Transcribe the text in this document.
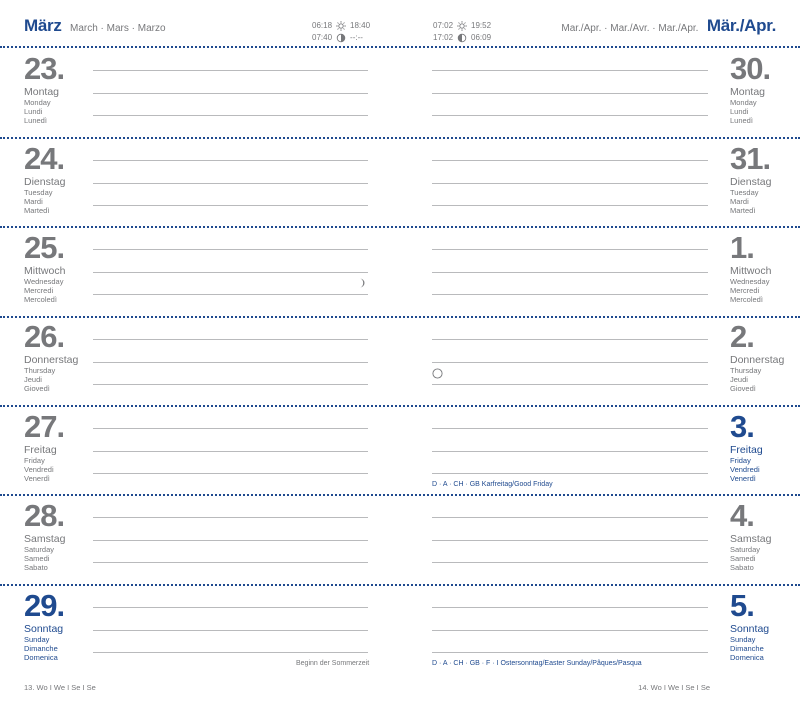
März March · Mars · Marzo	Mar./Apr. · Mar./Avr. · Mar./Apr. Mär./Apr.
06:18 18:40
07:40 --:--
07:02 19:52
17:02 06:09
23.
Montag
Monday
Lundi
Lunedì
24.
Dienstag
Tuesday
Mardi
Martedì
25.
Mittwoch
Wednesday
Mercredi
Mercoledì
26.
Donnerstag
Thursday
Jeudi
Giovedì
27.
Freitag
Friday
Vendredi
Venerdì
28.
Samstag
Saturday
Samedi
Sabato
29.
Sonntag
Sunday
Dimanche
Domenica
30.
Montag
Monday
Lundi
Lunedì
31.
Dienstag
Tuesday
Mardi
Martedì
1.
Mittwoch
Wednesday
Mercredi
Mercoledì
2.
Donnerstag
Thursday
Jeudi
Giovedì
3.
Freitag
Friday
Vendredi
Venerdì
4.
Samstag
Saturday
Samedi
Sabato
5.
Sonntag
Sunday
Dimanche
Domenica
D · A · CH · GB Karfreitag/Good Friday
D · A · CH · GB · F · I Ostersonntag/Easter Sunday/Pâques/Pasqua
Beginn der Sommerzeit
13. Wo I We I Se I Se	14. Wo I We I Se I Se
